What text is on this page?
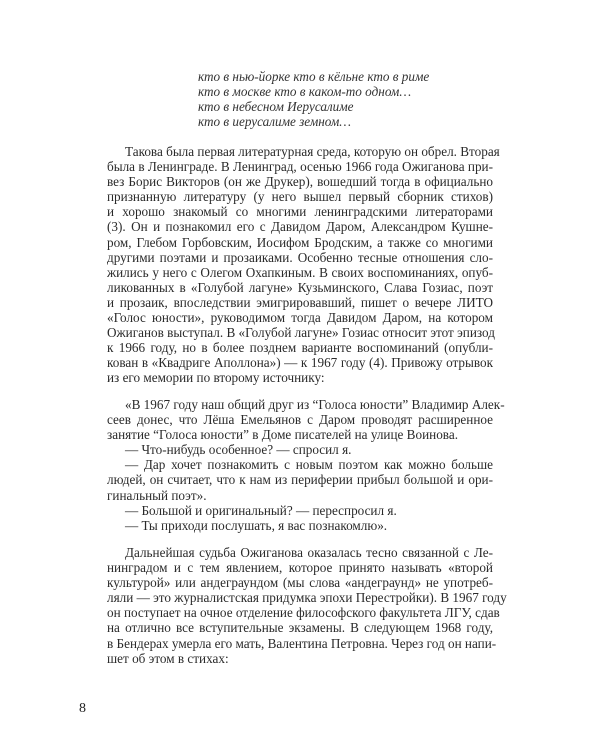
кто в нью-йорке кто в кёльне кто в риме
кто в москве кто в каком-то одном…
кто в небесном Иерусалиме
кто в иерусалиме земном…
Такова была первая литературная среда, которую он обрел. Вторая
была в Ленинграде. В Ленинград, осенью 1966 года Ожиганова при-
вез Борис Викторов (он же Друкер), вошедший тогда в официально
признанную литературу (у него вышел первый сборник стихов)
и хорошо знакомый со многими ленинградскими литераторами
(3). Он и познакомил его с Давидом Даром, Александром Кушне-
ром, Глебом Горбовским, Иосифом Бродским, а также со многими
другими поэтами и прозаиками. Особенно тесные отношения сло-
жились у него с Олегом Охапкиным. В своих воспоминаниях, опуб-
ликованных в «Голубой лагуне» Кузьминского, Слава Гозиас, поэт
и прозаик, впоследствии эмигрировавший, пишет о вечере ЛИТО
«Голос юности», руководимом тогда Давидом Даром, на котором
Ожиганов выступал. В «Голубой лагуне» Гозиас относит этот эпизод
к 1966 году, но в более позднем варианте воспоминаний (опубли-
кован в «Квадриге Аполлона») — к 1967 году (4). Привожу отрывок
из его мемории по второму источнику:
«В 1967 году наш общий друг из “Голоса юности” Владимир Алек-
сеев донес, что Лёша Емельянов с Даром проводят расширенное
занятие “Голоса юности” в Доме писателей на улице Воинова.
— Что-нибудь особенное? — спросил я.
— Дар хочет познакомить с новым поэтом как можно больше
людей, он считает, что к нам из периферии прибыл большой и ори-
гинальный поэт».
— Большой и оригинальный? — переспросил я.
— Ты приходи послушать, я вас познакомлю».
Дальнейшая судьба Ожиганова оказалась тесно связанной с Ле-
нинградом и с тем явлением, которое принято называть «второй
культурой» или андеграундом (мы слова «андеграунд» не употреб-
ляли — это журналистская придумка эпохи Перестройки). В 1967 году
он поступает на очное отделение философского факультета ЛГУ, сдав
на отлично все вступительные экзамены. В следующем 1968 году,
в Бендерах умерла его мать, Валентина Петровна. Через год он напи-
шет об этом в стихах:
8
